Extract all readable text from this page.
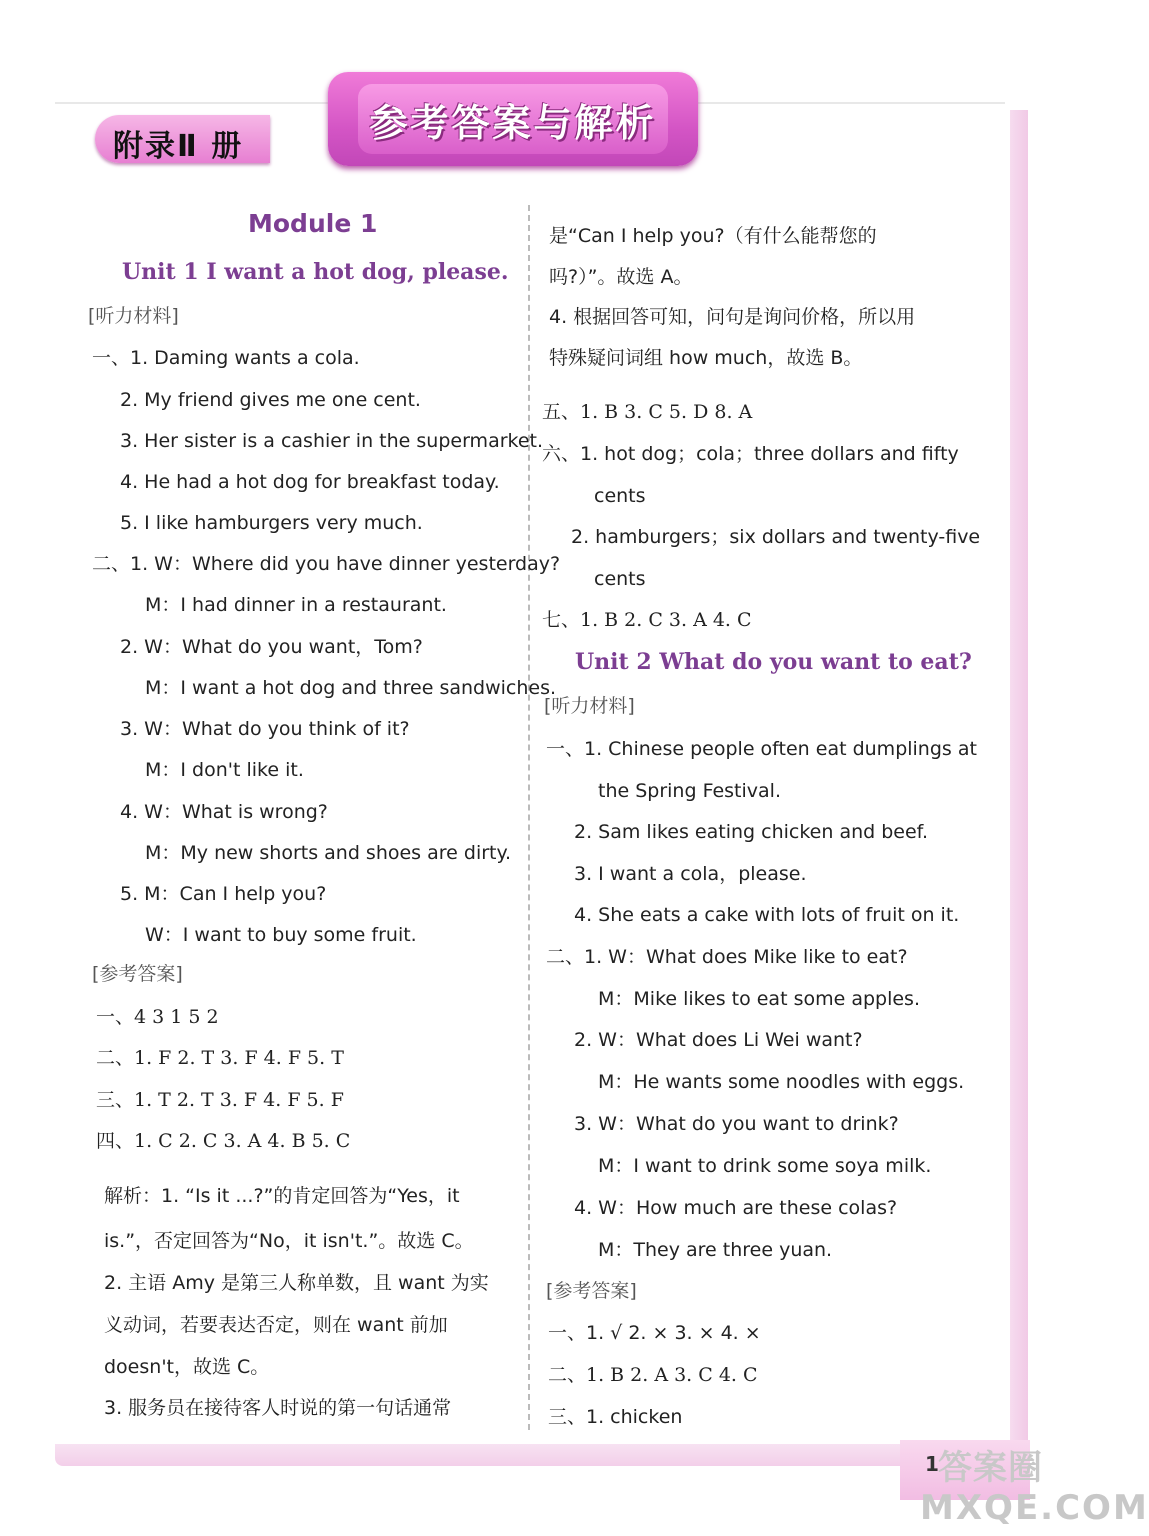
附录Ⅱ 册
参考答案与解析
Module 1
Unit 1 I want a hot dog, please.
[听力材料]
一、1. Daming wants a cola.
2. My friend gives me one cent.
3. Her sister is a cashier in the supermarket.
4. He had a hot dog for breakfast today.
5. I like hamburgers very much.
二、1. W：Where did you have dinner yesterday?
M：I had dinner in a restaurant.
2. W：What do you want，Tom?
M：I want a hot dog and three sandwiches.
3. W：What do you think of it?
M：I don't like it.
4. W：What is wrong?
M：My new shorts and shoes are dirty.
5. M：Can I help you?
W：I want to buy some fruit.
[参考答案]
一、4 3 1 5 2
二、1. F 2. T 3. F 4. F 5. T
三、1. T 2. T 3. F 4. F 5. F
四、1. C 2. C 3. A 4. B 5. C
解析：1. “Is it ...?”的肯定回答为“Yes，it
is.”，否定回答为“No，it isn't.”。故选 C。
2. 主语 Amy 是第三人称单数，且 want 为实
义动词，若要表达否定，则在 want 前加
doesn't，故选 C。
3. 服务员在接待客人时说的第一句话通常
是“Can I help you?（有什么能帮您的
吗?）”。故选 A。
4. 根据回答可知，问句是询问价格，所以用
特殊疑问词组 how much，故选 B。
五、1. B 3. C 5. D 8. A
六、1. hot dog；cola；three dollars and fifty
cents
2. hamburgers；six dollars and twenty-five
cents
七、1. B 2. C 3. A 4. C
Unit 2 What do you want to eat?
[听力材料]
一、1. Chinese people often eat dumplings at
the Spring Festival.
2. Sam likes eating chicken and beef.
3. I want a cola，please.
4. She eats a cake with lots of fruit on it.
二、1. W：What does Mike like to eat?
M：Mike likes to eat some apples.
2. W：What does Li Wei want?
M：He wants some noodles with eggs.
3. W：What do you want to drink?
M：I want to drink some soya milk.
4. W：How much are these colas?
M：They are three yuan.
[参考答案]
一、1. √ 2. × 3. × 4. ×
二、1. B 2. A 3. C 4. C
三、1. chicken
1 答案圈
MXQE.COM
